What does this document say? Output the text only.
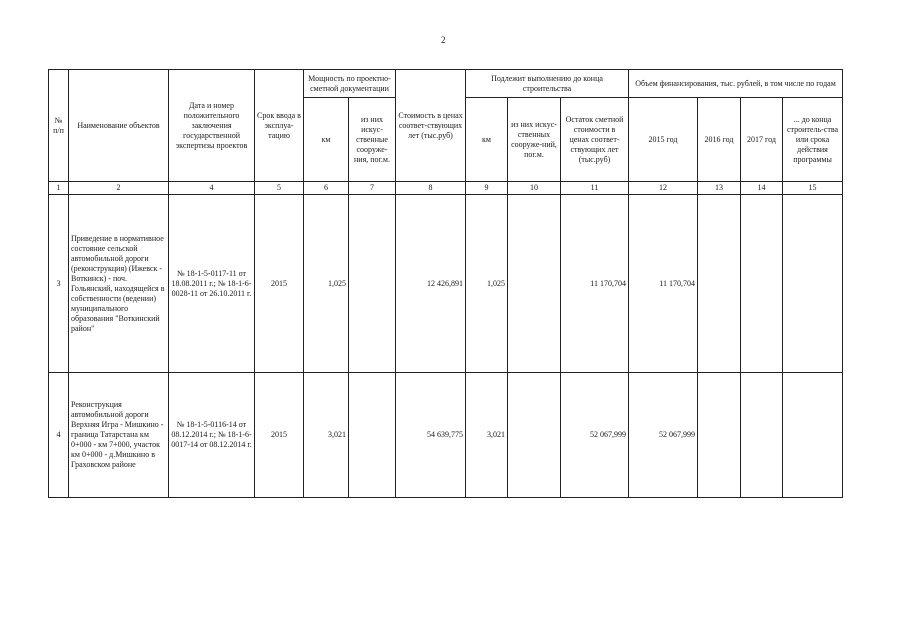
2
№ п/п	Наименование объектов	Дата и номер положительного заключения государственной экспертизы проектов	Срок ввода в эксплуа-тацию	Мощность по проектно-сметной документации		Стоимость в ценах соответ-ствующих лет (тыс.руб)	Подлежит выполнению до конца строительства			Объем финансирования, тыс. рублей, в том числе по годам			
				км	из них искус-ственные сооруже-ния, пог.м.		км	из них искус-ственных сооруже-ний, пог.м.	Остаток сметной стоимости в ценах соответ-ствующих лет (тыс.руб)	2015 год	2016 год	2017 год	... до конца строитель-ства или срока действия программы
1	2	4	5	6	7	8	9	10	11	12	13	14	15
3	Приведение в нормативное состояние сельской автомобильной дороги (реконструкция) (Ижевск - Воткинск) - поч. Гольянский, находящейся в собственности (ведении) муниципального образования "Воткинский район"	№ 18-1-5-0117-11 от 18.08.2011 г.; № 18-1-6-0028-11 от 26.10.2011 г.	2015	1,025		12 426,891	1,025		11 170,704	11 170,704			
4	Реконструкция автомобильной дороги Верхняя Игра - Мишкино - граница Татарстана км 0+000 - км 7+000, участок км 0+000 - д.Мишкино в Граховском районе	№ 18-1-5-0116-14 от 08.12.2014 г.; № 18-1-6-0017-14 от 08.12.2014 г.	2015	3,021		54 639,775	3,021		52 067,999	52 067,999			
